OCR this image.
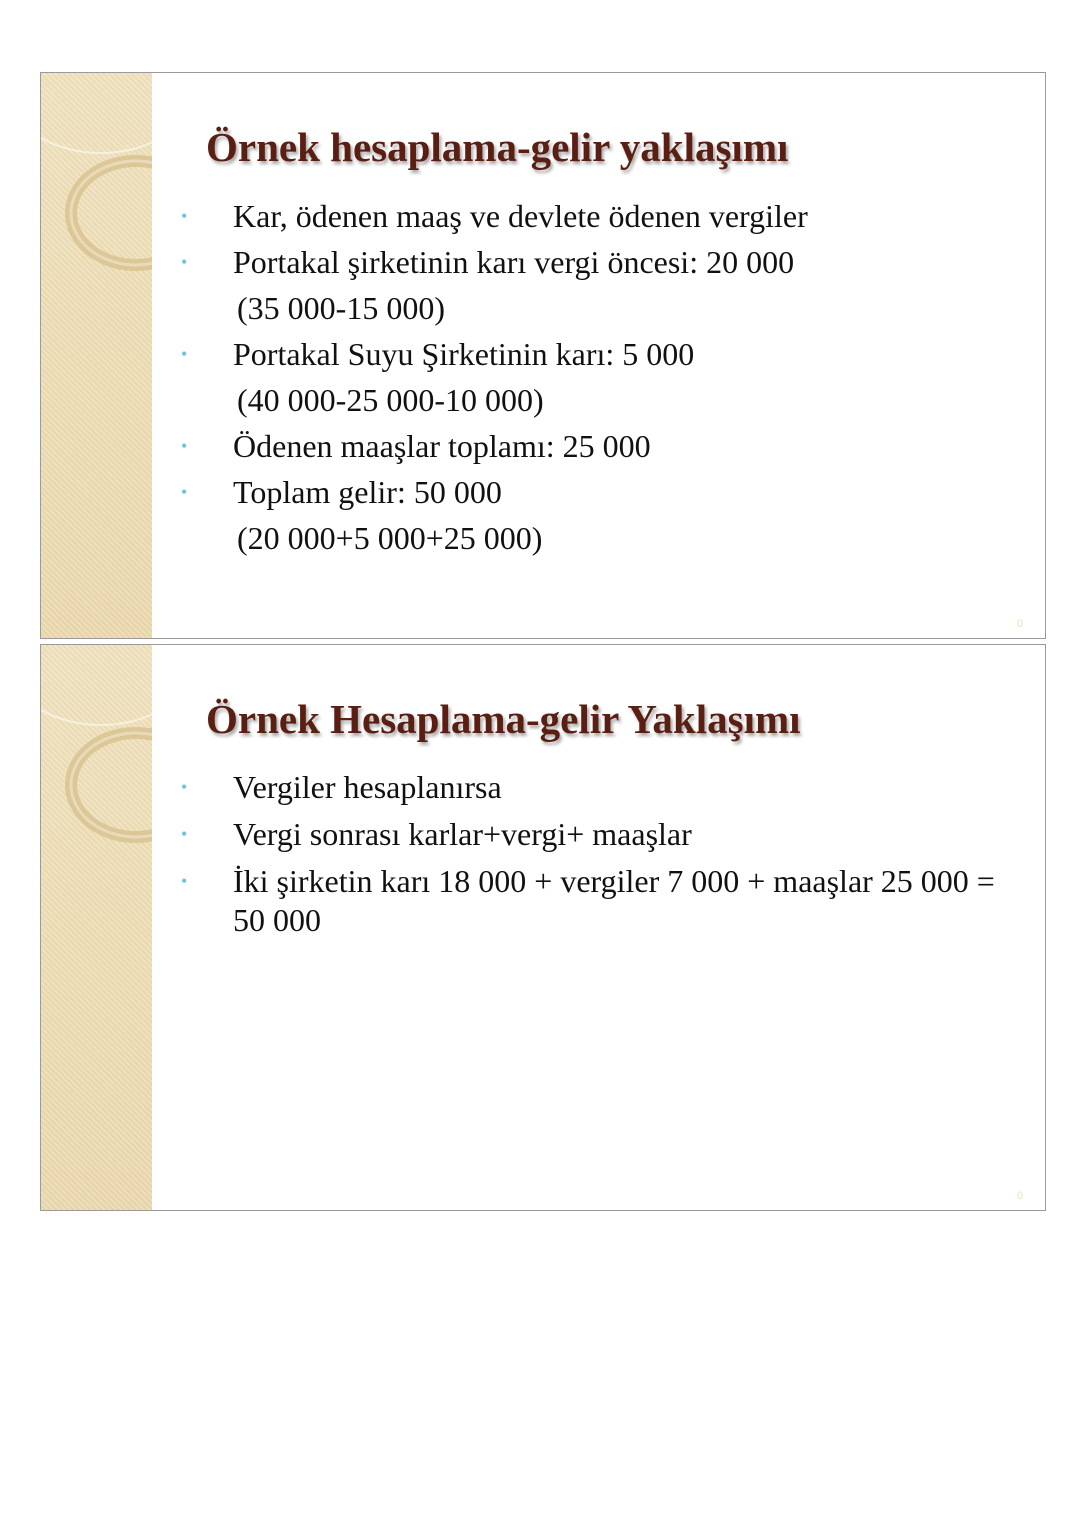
Örnek hesaplama-gelir yaklaşımı
• Kar, ödenen maaş ve devlete ödenen vergiler
• Portakal şirketinin karı vergi öncesi: 20 000
(35 000-15 000)
• Portakal Suyu Şirketinin karı: 5 000
(40 000-25 000-10 000)
• Ödenen maaşlar toplamı: 25 000
• Toplam gelir: 50 000
(20 000+5 000+25 000)
0
Örnek Hesaplama-gelir Yaklaşımı
• Vergiler hesaplanırsa
• Vergi sonrası karlar+vergi+ maaşlar
• İki şirketin karı 18 000 + vergiler 7 000 + maaşlar 25 000 = 50 000
0
